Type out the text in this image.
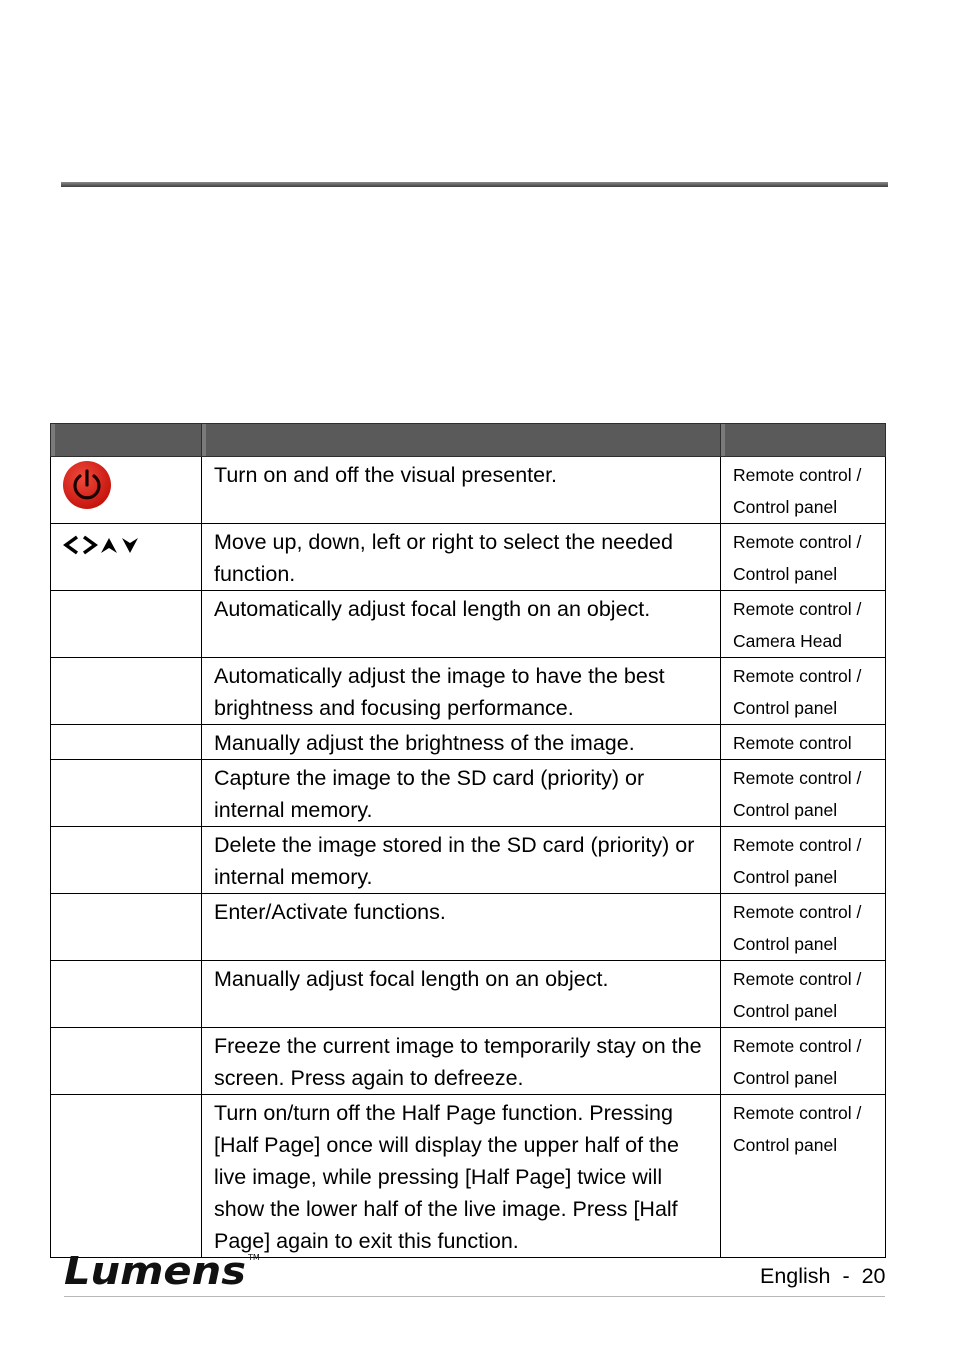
	Turn on and off the visual presenter.	Remote control /
Control panel

	Move up, down, left or right to select the needed function.	Remote control /
Control panel

	Automatically adjust focal length on an object.	Remote control /
Camera Head

	Automatically adjust the image to have the best brightness and focusing performance.	Remote control /
Control panel

	Manually adjust the brightness of the image.	Remote control

	Capture the image to the SD card (priority) or internal memory.	Remote control /
Control panel

	Delete the image stored in the SD card (priority) or internal memory.	Remote control /
Control panel

	Enter/Activate functions.	Remote control /
Control panel

	Manually adjust focal length on an object.	Remote control /
Control panel

	Freeze the current image to temporarily stay on the screen. Press again to defreeze.	Remote control /
Control panel

	Turn on/turn off the Half Page function. Pressing [Half Page] once will display the upper half of the live image, while pressing [Half Page] twice will show the lower half of the live image. Press [Half Page] again to exit this function.	Remote control /
Control panel
Lumens TM
English  -  20
